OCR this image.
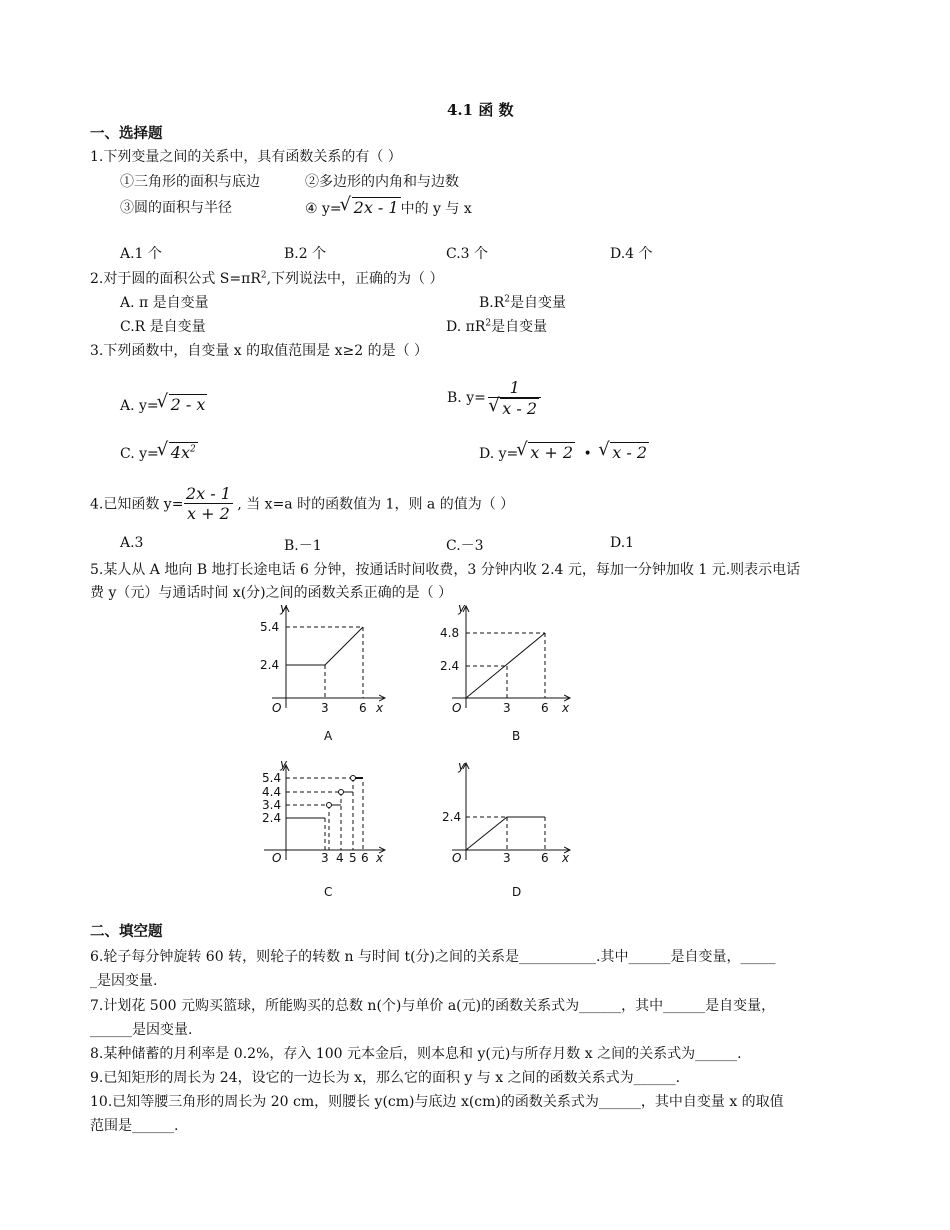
4.1 函 数
一、选择题
1.下列变量之间的关系中，具有函数关系的有（ ）
①三角形的面积与底边	②多边形的内角和与边数
③圆的面积与半径	④ y= √ 2x - 1 中的 y 与 x
A.1 个	B.2 个	C.3 个	D.4 个
2.对于圆的面积公式 $S=\pi R^2$,下列说法中，正确的为（ ）
A. π 是自变量	$B.R^2$是自变量
C.R 是自变量	D. $\pi R^2$是自变量
3.下列函数中，自变量 x 的取值范围是 x≥2 的是（ ）
A. y= √ 2 - x	B. y= 1
√ x - 2
C. y= √ $4x^2$	D. y= √ x + 2 • √ x - 2
4.已知函数 $y= \frac{2x - 1}{x + 2}$ , 当 x=a 时的函数值为 1，则 a 的值为（ ）
A.3	B.－1	C.－3	D.1
5.某人从 A 地向 B 地打长途电话 6 分钟，按通话时间收费，3 分钟内收 2.4 元，每加一分钟加收 1 元.则表示电话
费 y（元）与通话时间 x(分)之间的函数关系正确的是（ ）
y
x
O
5.4
2.4
3	6
A
y
x
O
4.8
2.4
3	6
B
y
x
O
5.4
4.4
3.4
2.4
3 4 5 6
C
y
x
O
2.4
3	6
D
二、填空题
6.轮子每分钟旋转 60 转，则轮子的转数 n 与时间 t(分)之间的关系是___________.其中______是自变量，_____
_是因变量.
7.计划花 500 元购买篮球，所能购买的总数 n(个)与单价 a(元)的函数关系式为______，其中______是自变量，
______是因变量.
8.某种储蓄的月利率是 0.2%，存入 100 元本金后，则本息和 y(元)与所存月数 x 之间的关系式为______.
9.已知矩形的周长为 24，设它的一边长为 x，那么它的面积 y 与 x 之间的函数关系式为______.
10.已知等腰三角形的周长为 20 cm，则腰长 y(cm)与底边 x(cm)的函数关系式为______，其中自变量 x 的取值
范围是______.
